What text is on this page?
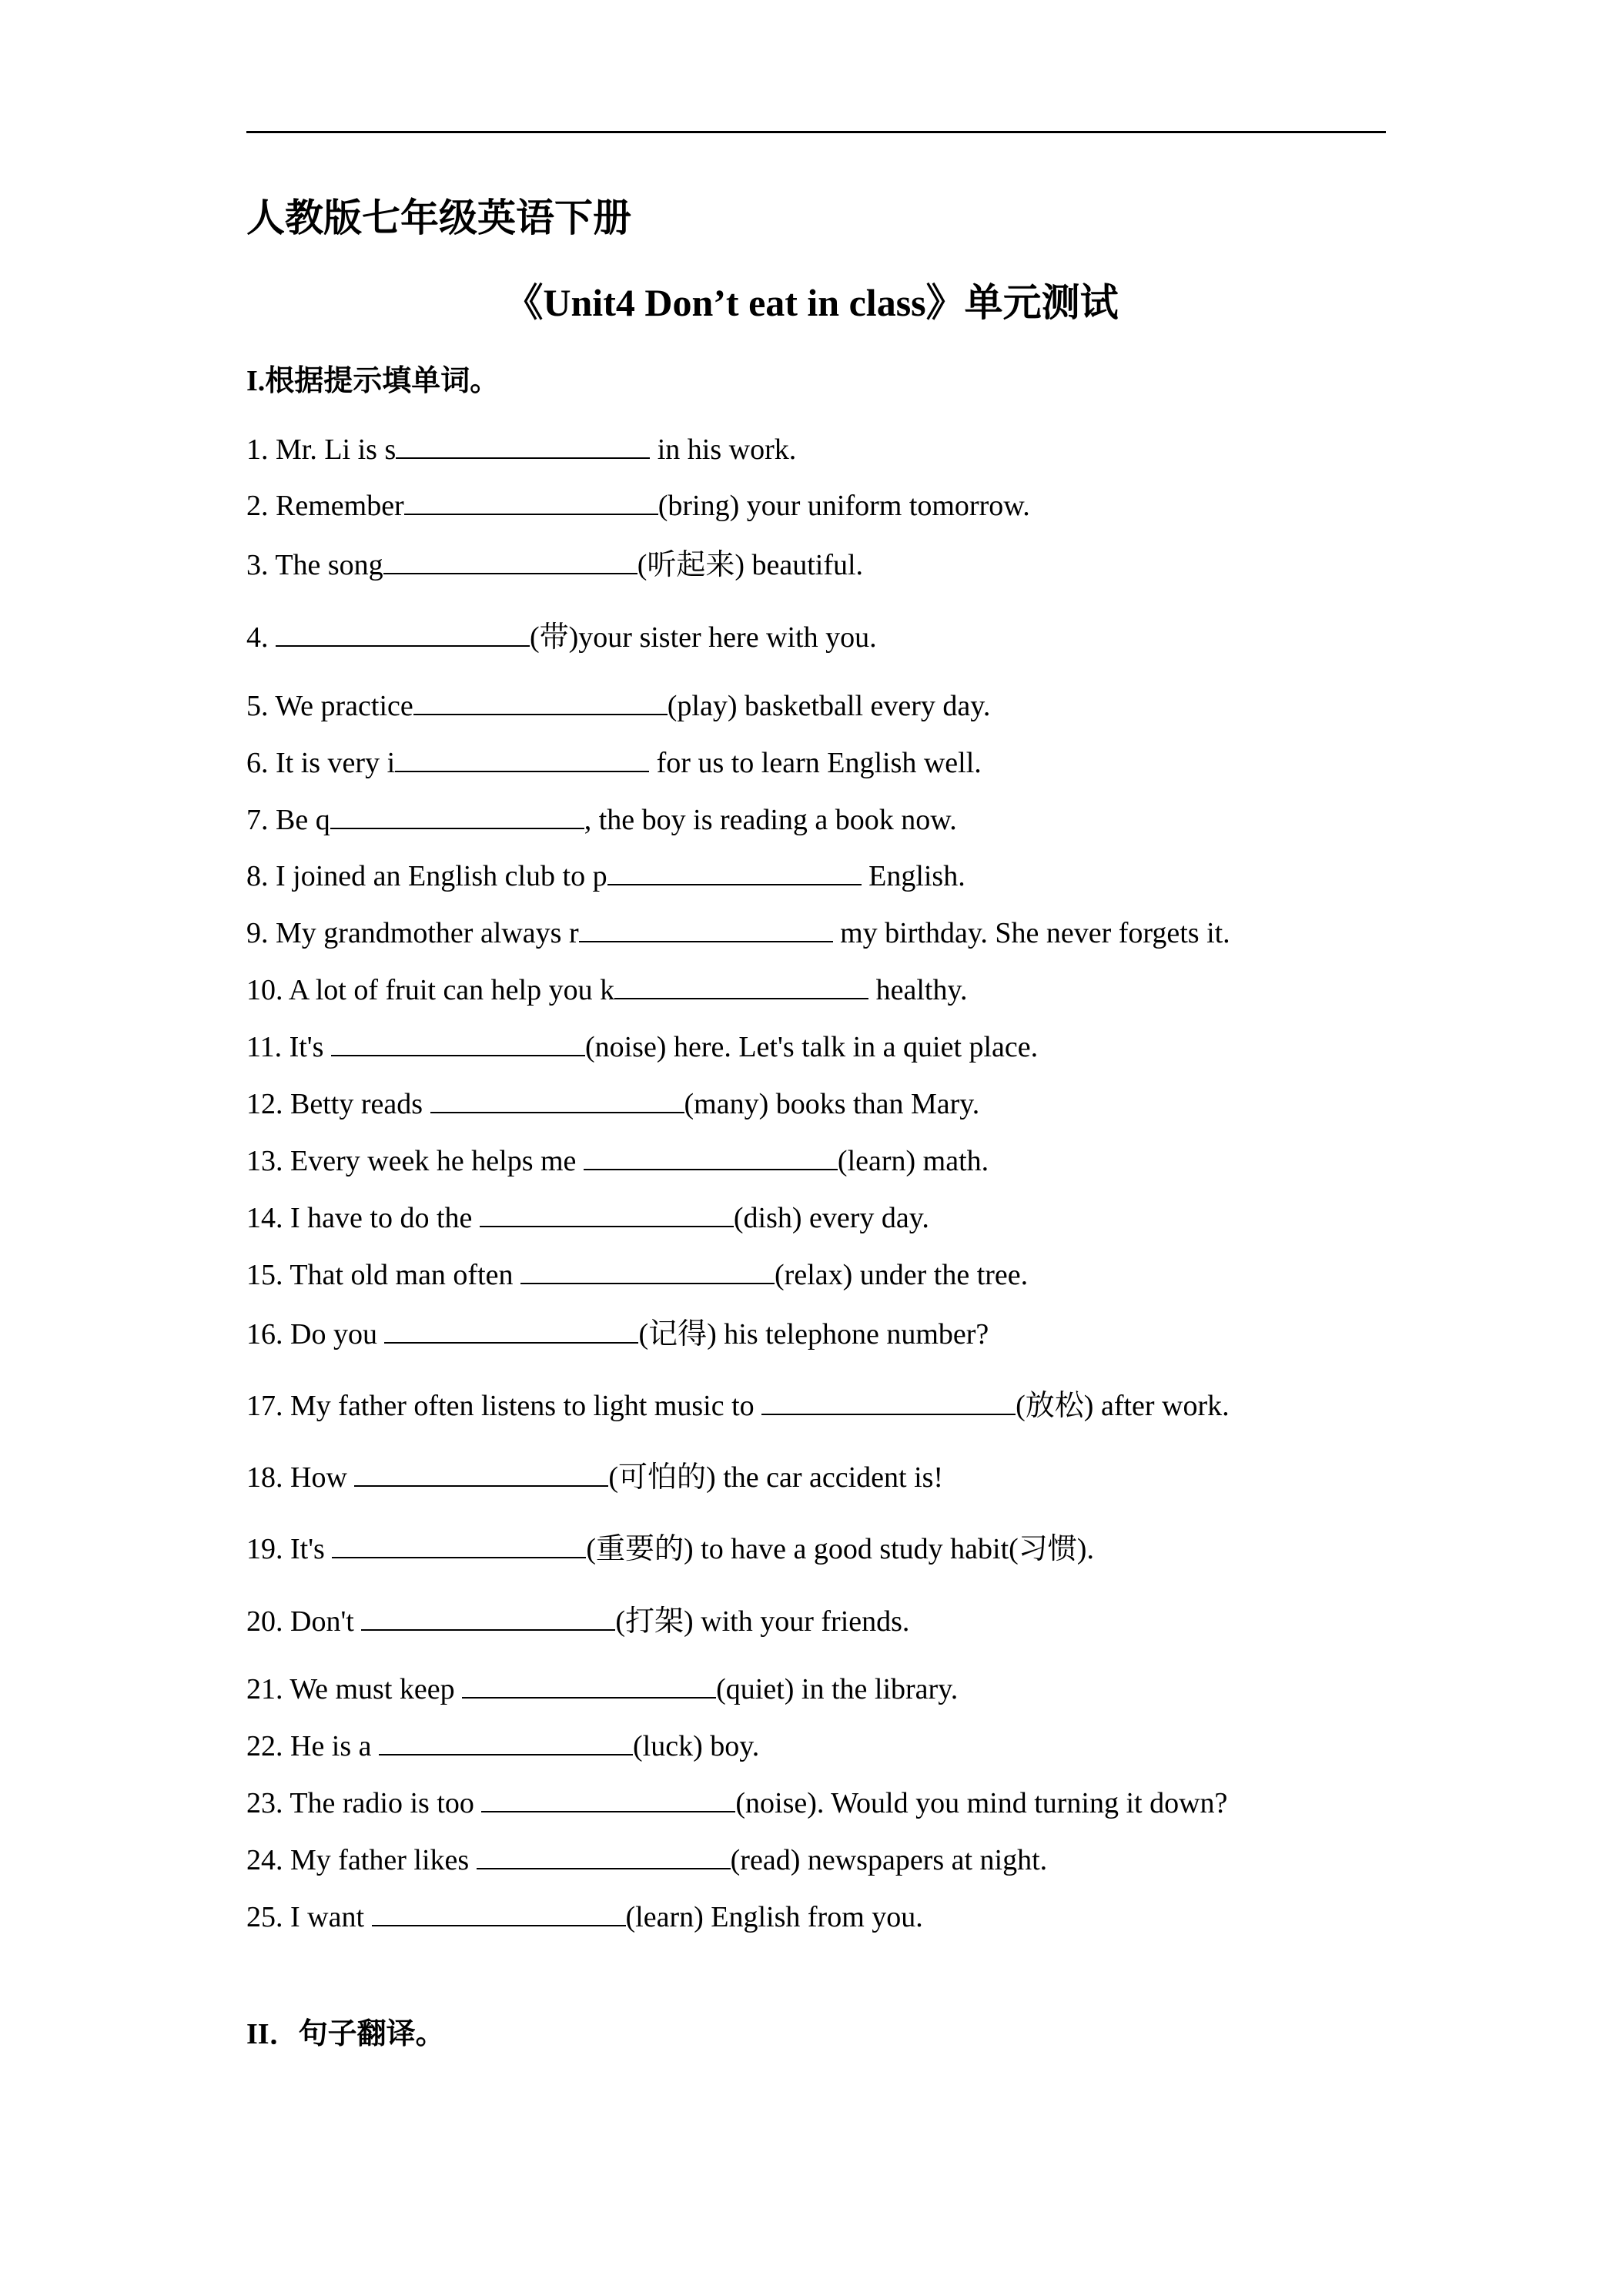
人教版七年级英语下册
《Unit4 Don’t eat in class》单元测试
I.根据提示填单词。
1. Mr. Li is s	in his work.
2. Remember	(bring) your uniform tomorrow.
3. The song	(听起来) beautiful.
4.	(带)your sister here with you.
5. We practice	(play) basketball every day.
6. It is very i	for us to learn English well.
7. Be q	, the boy is reading a book now.
8. I joined an English club to p	English.
9. My grandmother always r	my birthday. She never forgets it.
10. A lot of fruit can help you k	healthy.
11. It's	(noise) here. Let's talk in a quiet place.
12. Betty reads	(many) books than Mary.
13. Every week he helps me	(learn) math.
14. I have to do the	(dish) every day.
15. That old man often	(relax) under the tree.
16. Do you	(记得) his telephone number?
17. My father often listens to light music to	(放松) after work.
18. How	(可怕的) the car accident is!
19. It's	(重要的) to have a good study habit(习惯).
20. Don't	(打架) with your friends.
21. We must keep	(quiet) in the library.
22. He is a	(luck) boy.
23. The radio is too	(noise). Would you mind turning it down?
24. My father likes	(read) newspapers at night.
25. I want	(learn) English from you.
II．句子翻译。
